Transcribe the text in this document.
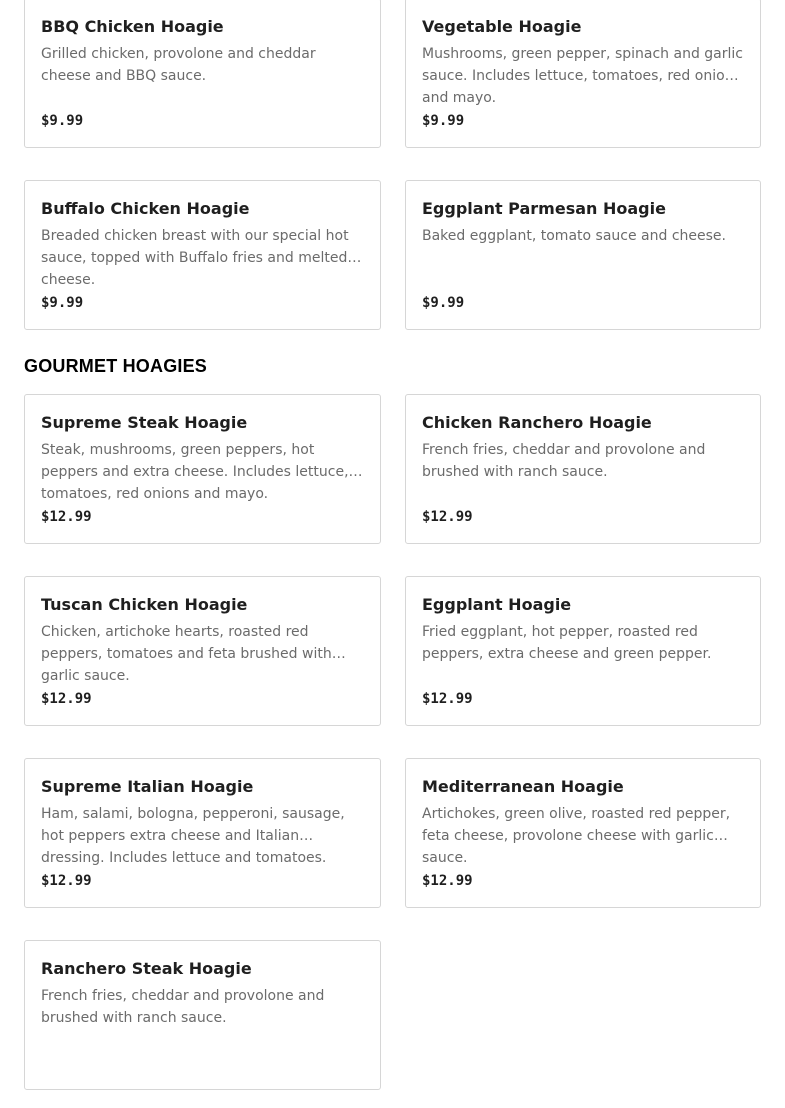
BBQ Chicken Hoagie
Grilled chicken, provolone and cheddar cheese and BBQ sauce.
$9.99
Vegetable Hoagie
Mushrooms, green pepper, spinach and garlic sauce. Includes lettuce, tomatoes, red onions and mayo.
$9.99
Buffalo Chicken Hoagie
Breaded chicken breast with our special hot sauce, topped with Buffalo fries and melted cheese.
$9.99
Eggplant Parmesan Hoagie
Baked eggplant, tomato sauce and cheese.
$9.99
GOURMET HOAGIES
Supreme Steak Hoagie
Steak, mushrooms, green peppers, hot peppers and extra cheese. Includes lettuce, tomatoes, red onions and mayo.
$12.99
Chicken Ranchero Hoagie
French fries, cheddar and provolone and brushed with ranch sauce.
$12.99
Tuscan Chicken Hoagie
Chicken, artichoke hearts, roasted red peppers, tomatoes and feta brushed with garlic sauce.
$12.99
Eggplant Hoagie
Fried eggplant, hot pepper, roasted red peppers, extra cheese and green pepper.
$12.99
Supreme Italian Hoagie
Ham, salami, bologna, pepperoni, sausage, hot peppers extra cheese and Italian dressing. Includes lettuce and tomatoes.
$12.99
Mediterranean Hoagie
Artichokes, green olive, roasted red pepper, feta cheese, provolone cheese with garlic sauce.
$12.99
Ranchero Steak Hoagie
French fries, cheddar and provolone and brushed with ranch sauce.
